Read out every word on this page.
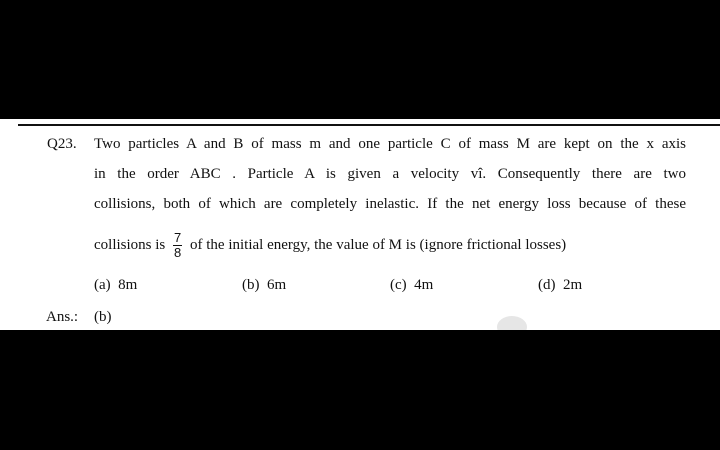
Q23. Two particles A and B of mass m and one particle C of mass M are kept on the x axis
in the order ABC . Particle A is given a velocity vî. Consequently there are two
collisions, both of which are completely inelastic. If the net energy loss because of these
collisions is $\frac{7}{8}$ of the initial energy, the value of M is (ignore frictional losses)
(a) 8m	(b) 6m	(c) 4m	(d) 2m
Ans.: (b)
